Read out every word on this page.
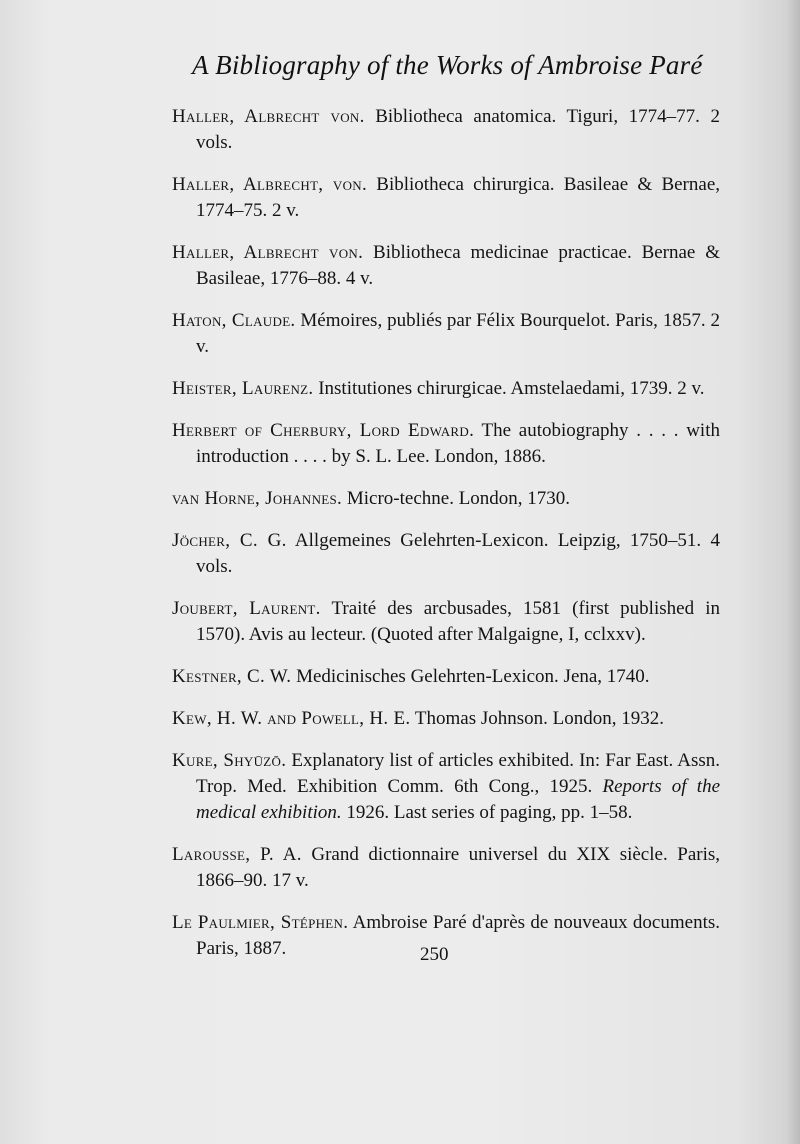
A Bibliography of the Works of Ambroise Paré
Haller, Albrecht von. Bibliotheca anatomica. Tiguri, 1774–77. 2 vols.
Haller, Albrecht, von. Bibliotheca chirurgica. Basileae & Bernae, 1774–75. 2 v.
Haller, Albrecht von. Bibliotheca medicinae practicae. Bernae & Basileae, 1776–88. 4 v.
Haton, Claude. Mémoires, publiés par Félix Bourquelot. Paris, 1857. 2 v.
Heister, Laurenz. Institutiones chirurgicae. Amstelaedami, 1739. 2 v.
Herbert of Cherbury, Lord Edward. The autobiography . . . . with introduction . . . . by S. L. Lee. London, 1886.
van Horne, Johannes. Micro-techne. London, 1730.
Jöcher, C. G. Allgemeines Gelehrten-Lexicon. Leipzig, 1750–51. 4 vols.
Joubert, Laurent. Traité des arcbusades, 1581 (first published in 1570). Avis au lecteur. (Quoted after Malgaigne, I, cclxxv).
Kestner, C. W. Medicinisches Gelehrten-Lexicon. Jena, 1740.
Kew, H. W. and Powell, H. E. Thomas Johnson. London, 1932.
Kure, Shyūzō. Explanatory list of articles exhibited. In: Far East. Assn. Trop. Med. Exhibition Comm. 6th Cong., 1925. Reports of the medical exhibition. 1926. Last series of paging, pp. 1–58.
Larousse, P. A. Grand dictionnaire universel du XIX siècle. Paris, 1866–90. 17 v.
Le Paulmier, Stéphen. Ambroise Paré d'après de nouveaux documents. Paris, 1887.	250
